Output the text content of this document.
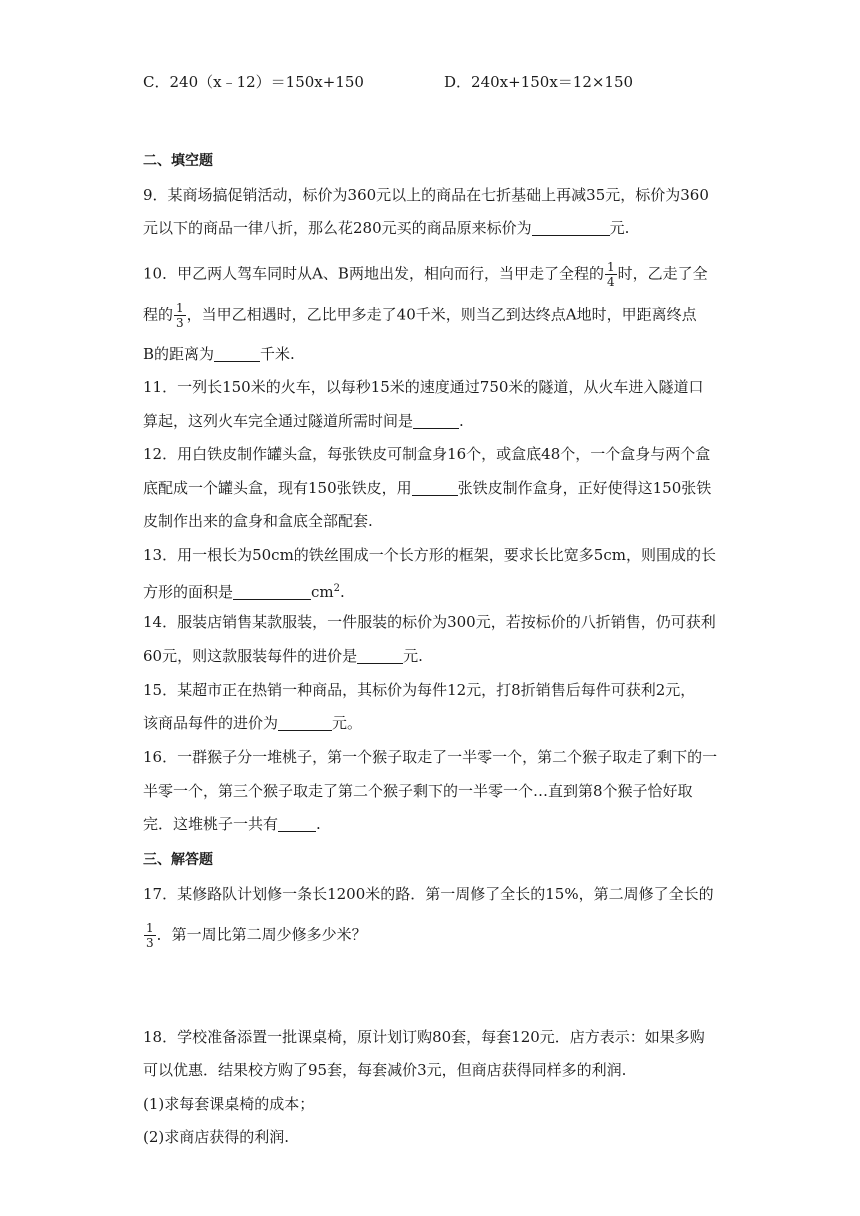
C．240（x﹣12）＝150x+150	D．240x+150x＝12×150
二、填空题
9．某商场搞促销活动，标价为360元以上的商品在七折基础上再减35元，标价为360
元以下的商品一律八折，那么花280元买的商品原来标价为	元.
10．甲乙两人驾车同时从A、B两地出发，相向而行，当甲走了全程的 $\frac{1}{4}$ 时，乙走了全
程的 $\frac{1}{3}$ ，当甲乙相遇时，乙比甲多走了40千米，则当乙到达终点A地时，甲距离终点
B的距离为	千米.
11．一列长150米的火车，以每秒15米的速度通过750米的隧道，从火车进入隧道口
算起，这列火车完全通过隧道所需时间是	.
12．用白铁皮制作罐头盒，每张铁皮可制盒身16个，或盒底48个，一个盒身与两个盒
底配成一个罐头盒，现有150张铁皮，用	张铁皮制作盒身，正好使得这150张铁
皮制作出来的盒身和盒底全部配套.
13．用一根长为50cm的铁丝围成一个长方形的框架，要求长比宽多5cm，则围成的长
方形的面积是	$cm^2$.
14．服装店销售某款服装，一件服装的标价为300元，若按标价的八折销售，仍可获利
60元，则这款服装每件的进价是	元.
15．某超市正在热销一种商品，其标价为每件12元，打8折销售后每件可获利2元，
该商品每件的进价为	元。
16．一群猴子分一堆桃子，第一个猴子取走了一半零一个，第二个猴子取走了剩下的一
半零一个，第三个猴子取走了第二个猴子剩下的一半零一个…直到第8个猴子恰好取
完．这堆桃子一共有	.
三、解答题
17．某修路队计划修一条长1200米的路．第一周修了全长的15%，第二周修了全长的
$\frac{1}{3}$ ．第一周比第二周少修多少米？
18．学校准备添置一批课桌椅，原计划订购80套，每套120元．店方表示：如果多购
可以优惠．结果校方购了95套，每套减价3元，但商店获得同样多的利润.
(1)求每套课桌椅的成本；
(2)求商店获得的利润.
